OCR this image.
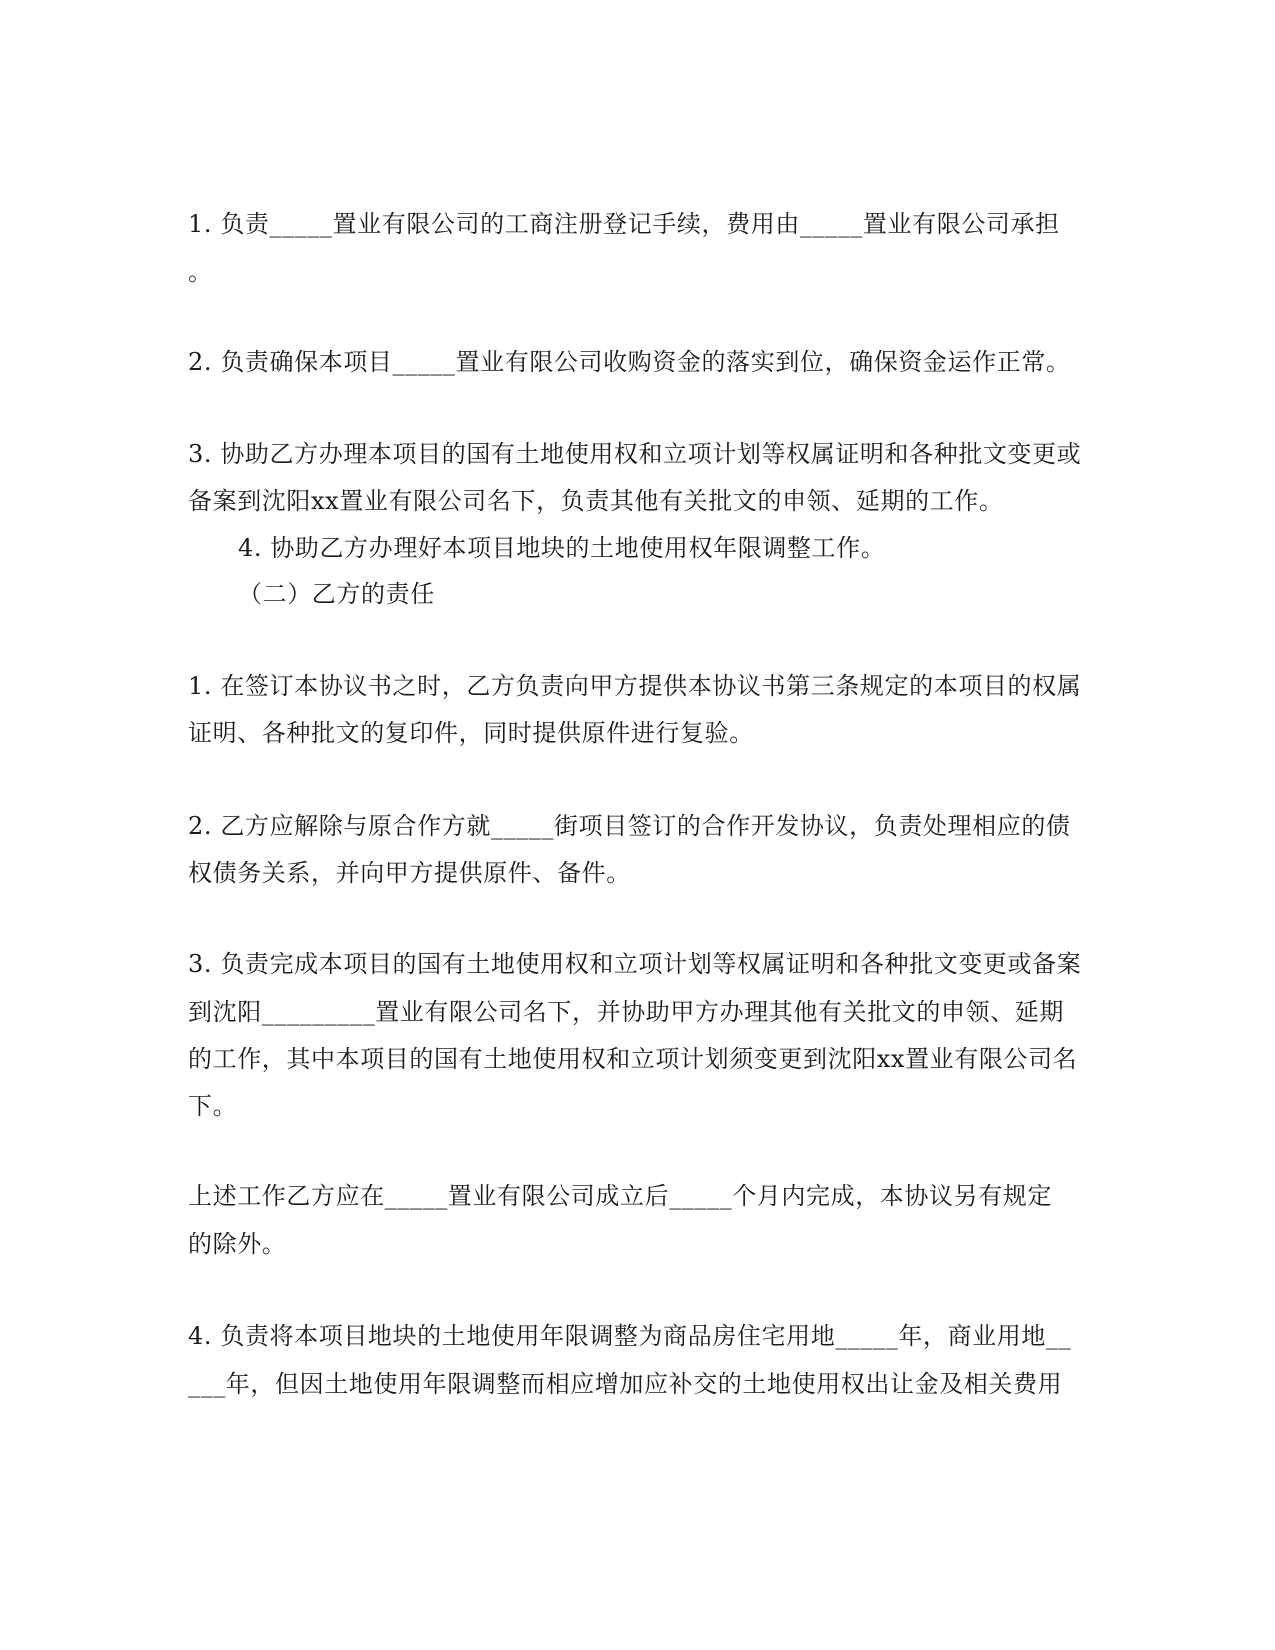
1. 负责_____置业有限公司的工商注册登记手续，费用由_____置业有限公司承担
。
2. 负责确保本项目_____置业有限公司收购资金的落实到位，确保资金运作正常。
3. 协助乙方办理本项目的国有土地使用权和立项计划等权属证明和各种批文变更或
备案到沈阳xx置业有限公司名下，负责其他有关批文的申领、延期的工作。
4. 协助乙方办理好本项目地块的土地使用权年限调整工作。
（二）乙方的责任
1. 在签订本协议书之时，乙方负责向甲方提供本协议书第三条规定的本项目的权属
证明、各种批文的复印件，同时提供原件进行复验。
2. 乙方应解除与原合作方就_____街项目签订的合作开发协议，负责处理相应的债
权债务关系，并向甲方提供原件、备件。
3. 负责完成本项目的国有土地使用权和立项计划等权属证明和各种批文变更或备案
到沈阳_________置业有限公司名下，并协助甲方办理其他有关批文的申领、延期
的工作，其中本项目的国有土地使用权和立项计划须变更到沈阳xx置业有限公司名
下。
上述工作乙方应在_____置业有限公司成立后_____个月内完成，本协议另有规定
的除外。
4. 负责将本项目地块的土地使用年限调整为商品房住宅用地_____年，商业用地__
___年，但因土地使用年限调整而相应增加应补交的土地使用权出让金及相关费用
